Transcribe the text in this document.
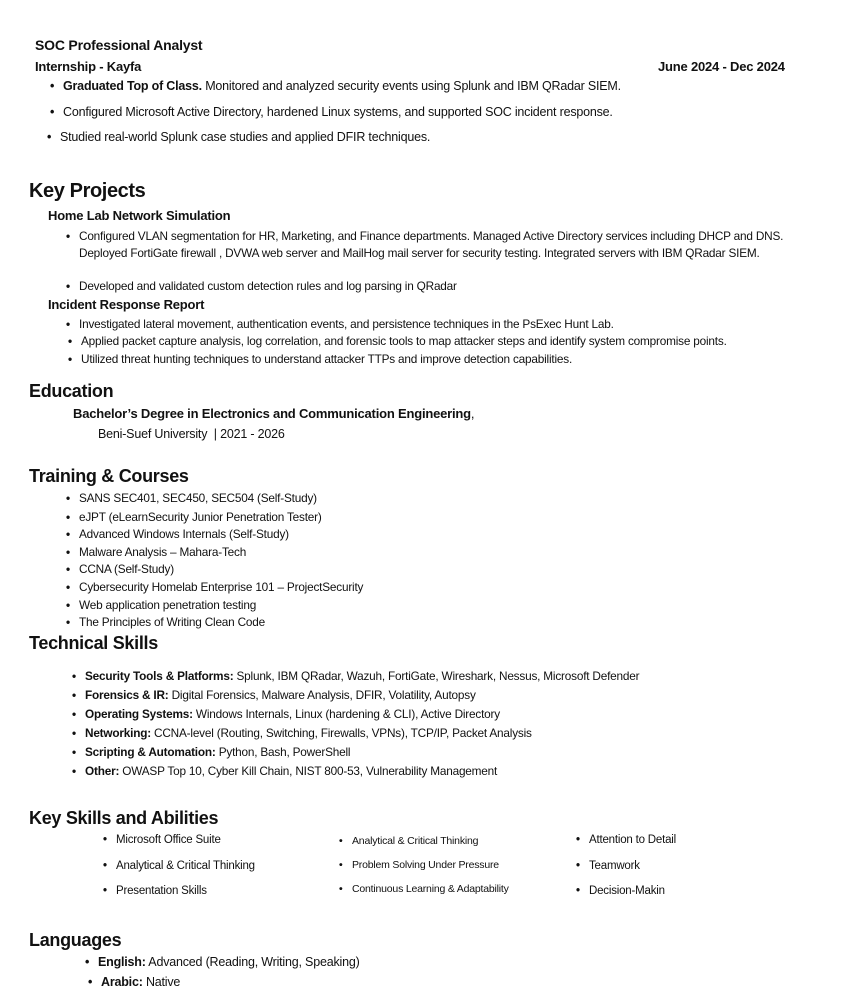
SOC Professional Analyst
Internship - Kayfa	June 2024 - Dec 2024
• Graduated Top of Class. Monitored and analyzed security events using Splunk and IBM QRadar SIEM.
• Configured Microsoft Active Directory, hardened Linux systems, and supported SOC incident response.
• Studied real-world Splunk case studies and applied DFIR techniques.
Key Projects
Home Lab Network Simulation
• Configured VLAN segmentation for HR, Marketing, and Finance departments. Managed Active Directory services including DHCP and DNS. Deployed FortiGate firewall , DVWA web server and MailHog mail server for security testing. Integrated servers with IBM QRadar SIEM.
• Developed and validated custom detection rules and log parsing in QRadar
Incident Response Report
• Investigated lateral movement, authentication events, and persistence techniques in the PsExec Hunt Lab.
• Applied packet capture analysis, log correlation, and forensic tools to map attacker steps and identify system compromise points.
• Utilized threat hunting techniques to understand attacker TTPs and improve detection capabilities.
Education
Bachelor’s Degree in Electronics and Communication Engineering,
Beni-Suef University  | 2021 - 2026
Training & Courses
• SANS SEC401, SEC450, SEC504 (Self-Study)
• eJPT (eLearnSecurity Junior Penetration Tester)
• Advanced Windows Internals (Self-Study)
• Malware Analysis – Mahara-Tech
• CCNA (Self-Study)
• Cybersecurity Homelab Enterprise 101 – ProjectSecurity
• Web application penetration testing
• The Principles of Writing Clean Code
Technical Skills
• Security Tools & Platforms: Splunk, IBM QRadar, Wazuh, FortiGate, Wireshark, Nessus, Microsoft Defender
• Forensics & IR: Digital Forensics, Malware Analysis, DFIR, Volatility, Autopsy
• Operating Systems: Windows Internals, Linux (hardening & CLI), Active Directory
• Networking: CCNA-level (Routing, Switching, Firewalls, VPNs), TCP/IP, Packet Analysis
• Scripting & Automation: Python, Bash, PowerShell
• Other: OWASP Top 10, Cyber Kill Chain, NIST 800-53, Vulnerability Management
Key Skills and Abilities
• Microsoft Office Suite
• Analytical & Critical Thinking
• Presentation Skills
• Analytical & Critical Thinking
• Problem Solving Under Pressure
• Continuous Learning & Adaptability
• Attention to Detail
• Teamwork
• Decision-Makin
Languages
• English: Advanced (Reading, Writing, Speaking)
• Arabic: Native
